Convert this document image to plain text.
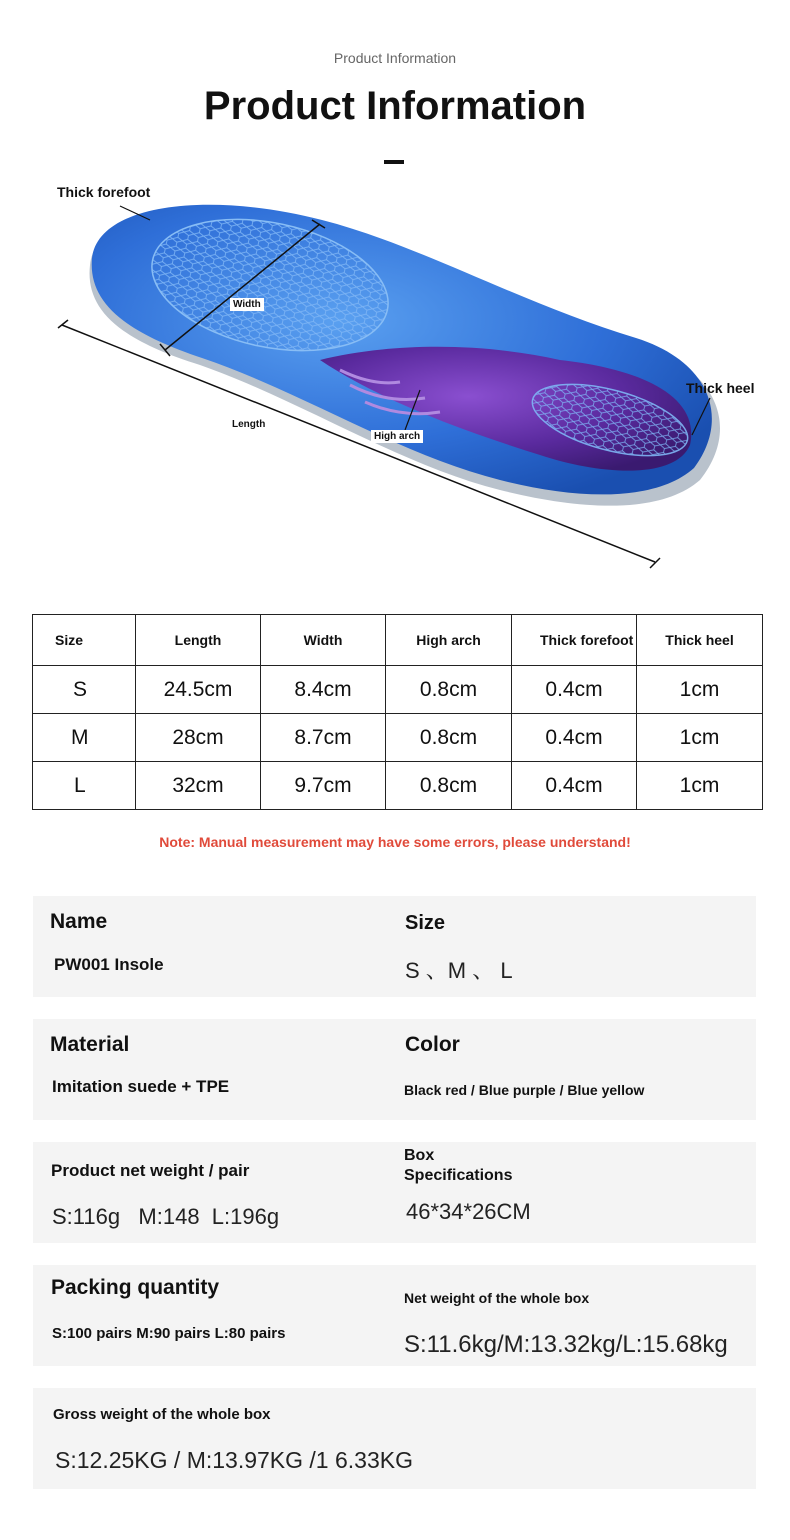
Product Information
Product Information
Thick forefoot
Thick heel
Width
Length
High arch
Size	Length	Width	High arch	Thick forefoot	Thick heel
S	24.5cm	8.4cm	0.8cm	0.4cm	1cm
M	28cm	8.7cm	0.8cm	0.4cm	1cm
L	32cm	9.7cm	0.8cm	0.4cm	1cm
Note: Manual measurement may have some errors, please understand!
Name
PW001 Insole
Size
S 、M 、 L
Material
Imitation suede + TPE
Color
Black red / Blue purple / Blue yellow
Product net weight / pair
S:116g   M:148  L:196g
Box
Specifications
46*34*26CM
Packing quantity
S:100 pairs M:90 pairs L:80 pairs
Net weight of the whole box
S:11.6kg/M:13.32kg/L:15.68kg
Gross weight of the whole box
S:12.25KG / M:13.97KG /1 6.33KG
